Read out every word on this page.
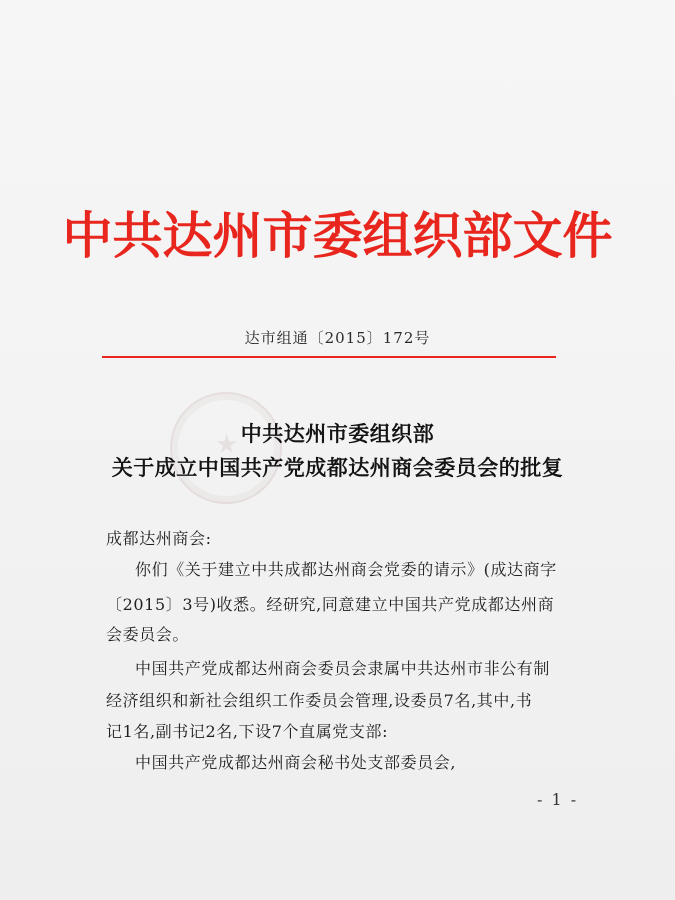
★
中共达州市委组织部文件
达市组通〔2015〕172号
中共达州市委组织部
关于成立中国共产党成都达州商会委员会的批复
成都达州商会:
你们《关于建立中共成都达州商会党委的请示》(成达商字
〔2015〕3号)收悉。经研究,同意建立中国共产党成都达州商
会委员会。
中国共产党成都达州商会委员会隶属中共达州市非公有制
经济组织和新社会组织工作委员会管理,设委员7名,其中,书
记1名,副书记2名,下设7个直属党支部:
中国共产党成都达州商会秘书处支部委员会,
- 1 -
